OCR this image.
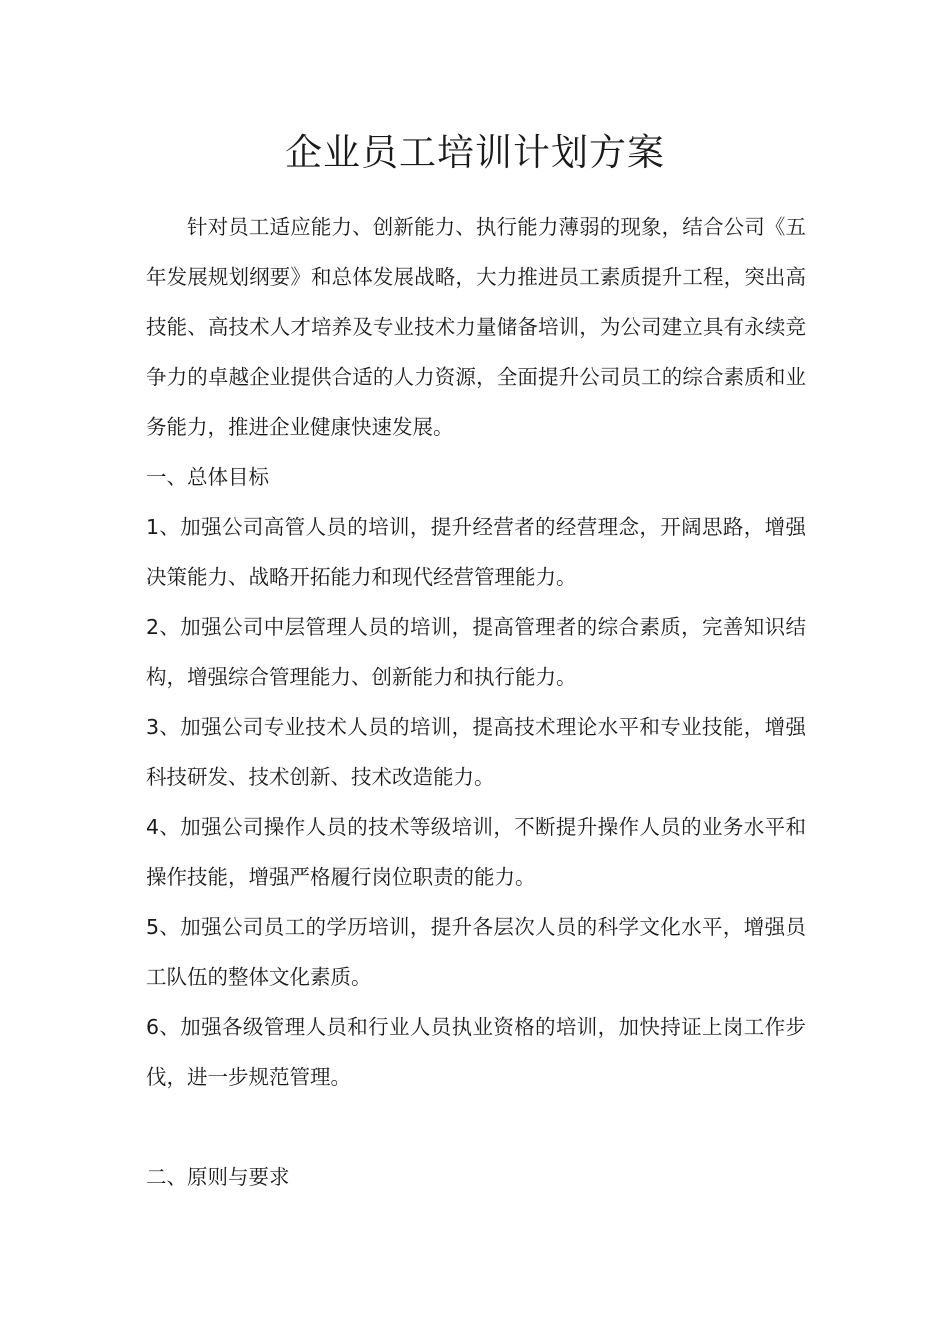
企业员工培训计划方案

针对员工适应能力、创新能力、执行能力薄弱的现象，结合公司《五年发展规划纲要》和总体发展战略，大力推进员工素质提升工程，突出高技能、高技术人才培养及专业技术力量储备培训，为公司建立具有永续竞争力的卓越企业提供合适的人力资源，全面提升公司员工的综合素质和业务能力，推进企业健康快速发展。

一、总体目标

1、加强公司高管人员的培训，提升经营者的经营理念，开阔思路，增强决策能力、战略开拓能力和现代经营管理能力。

2、加强公司中层管理人员的培训，提高管理者的综合素质，完善知识结构，增强综合管理能力、创新能力和执行能力。

3、加强公司专业技术人员的培训，提高技术理论水平和专业技能，增强科技研发、技术创新、技术改造能力。

4、加强公司操作人员的技术等级培训，不断提升操作人员的业务水平和操作技能，增强严格履行岗位职责的能力。

5、加强公司员工的学历培训，提升各层次人员的科学文化水平，增强员工队伍的整体文化素质。

6、加强各级管理人员和行业人员执业资格的培训，加快持证上岗工作步伐，进一步规范管理。

二、原则与要求
